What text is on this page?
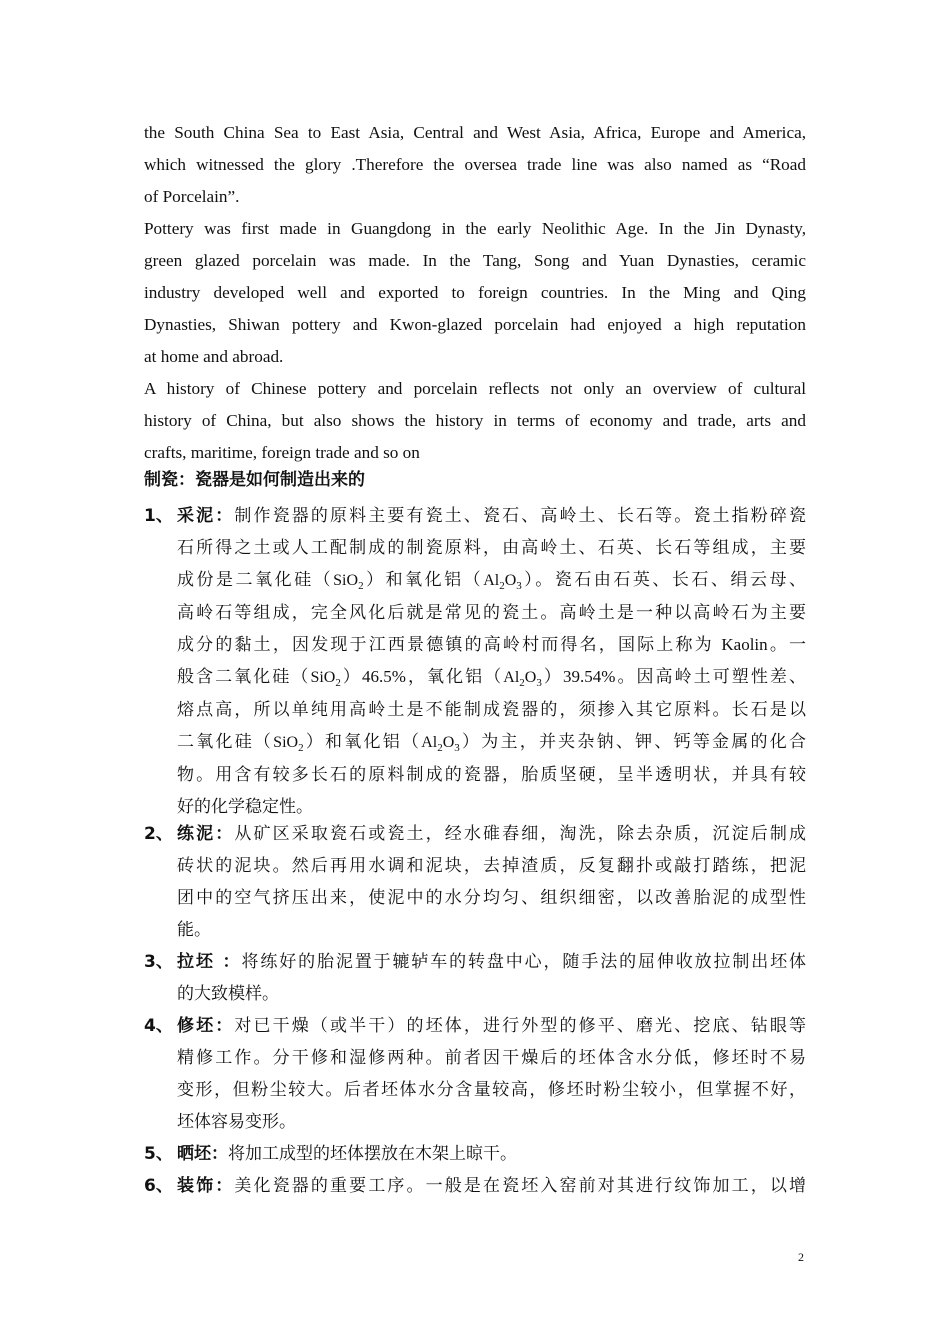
the South China Sea to East Asia, Central and West Asia, Africa, Europe and America,
which witnessed the glory .Therefore the oversea trade line was also named as “Road
of Porcelain”.
Pottery was first made in Guangdong in the early Neolithic Age. In the Jin Dynasty,
green glazed porcelain was made. In the Tang, Song and Yuan Dynasties, ceramic
industry developed well and exported to foreign countries. In the Ming and Qing
Dynasties, Shiwan pottery and Kwon-glazed porcelain had enjoyed a high reputation
at home and abroad.
A history of Chinese pottery and porcelain reflects not only an overview of cultural
history of China, but also shows the history in terms of economy and trade, arts and
crafts, maritime, foreign trade and so on
制瓷：瓷器是如何制造出来的
1、 采泥：制作瓷器的原料主要有瓷土、瓷石、高岭土、长石等。瓷土指粉碎瓷
石所得之土或人工配制成的制瓷原料，由高岭土、石英、长石等组成，主要
成份是二氧化硅（SiO$_2$）和氧化铝$(Al_2O_3)$。瓷石由石英、长石、绢云母、
高岭石等组成，完全风化后就是常见的瓷土。高岭土是一种以高岭石为主要
成分的黏土，因发现于江西景德镇的高岭村而得名，国际上称为 Kaolin。一
般含二氧化硅（SiO$_2$）46.5%，氧化铝$(Al_2O_3)39.54\%$。因高岭土可塑性差、
熔点高，所以单纯用高岭土是不能制成瓷器的，须掺入其它原料。长石是以
二氧化硅（SiO$_2$）和氧化铝$(Al_2O_3)$为主，并夹杂钠、钾、钙等金属的化合
物。用含有较多长石的原料制成的瓷器，胎质坚硬，呈半透明状，并具有较
好的化学稳定性。
2、 练泥：从矿区采取瓷石或瓷土，经水碓舂细，淘洗，除去杂质，沉淀后制成
砖状的泥块。然后再用水调和泥块，去掉渣质，反复翻扑或敲打踏练，把泥
团中的空气挤压出来，使泥中的水分均匀、组织细密，以改善胎泥的成型性
能。
3、 拉坯 ：将练好的胎泥置于辘轳车的转盘中心，随手法的屈伸收放拉制出坯体
的大致模样。
4、 修坯：对已干燥（或半干）的坯体，进行外型的修平、磨光、挖底、钻眼等
精修工作。分干修和湿修两种。前者因干燥后的坯体含水分低，修坯时不易
变形，但粉尘较大。后者坯体水分含量较高，修坯时粉尘较小，但掌握不好，
坯体容易变形。
5、 晒坯：将加工成型的坯体摆放在木架上晾干。
6、 装饰：美化瓷器的重要工序。一般是在瓷坯入窑前对其进行纹饰加工，以增
2
